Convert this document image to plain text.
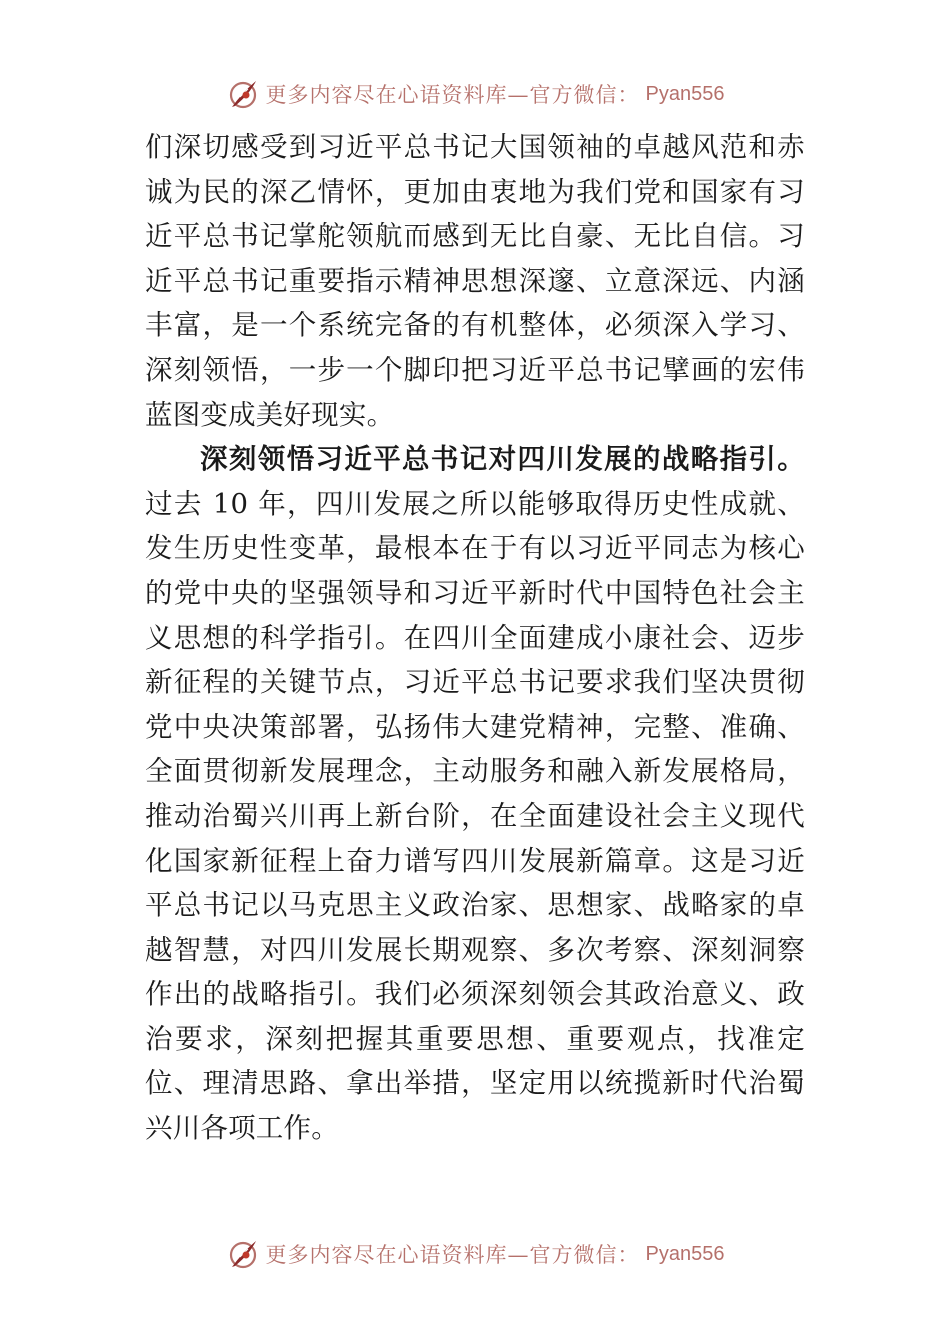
更多内容尽在心语资料库—官方微信： Pyan556

们深切感受到习近平总书记大国领袖的卓越风范和赤诚为民的深乙情怀，更加由衷地为我们党和国家有习近平总书记掌舵领航而感到无比自豪、无比自信。习近平总书记重要指示精神思想深邃、立意深远、内涵丰富，是一个系统完备的有机整体，必须深入学习、深刻领悟，一步一个脚印把习近平总书记擘画的宏伟蓝图变成美好现实。

深刻领悟习近平总书记对四川发展的战略指引。过去 10 年，四川发展之所以能够取得历史性成就、发生历史性变革，最根本在于有以习近平同志为核心的党中央的坚强领导和习近平新时代中国特色社会主义思想的科学指引。在四川全面建成小康社会、迈步新征程的关键节点，习近平总书记要求我们坚决贯彻党中央决策部署，弘扬伟大建党精神，完整、准确、全面贯彻新发展理念，主动服务和融入新发展格局，推动治蜀兴川再上新台阶，在全面建设社会主义现代化国家新征程上奋力谱写四川发展新篇章。这是习近平总书记以马克思主义政治家、思想家、战略家的卓越智慧，对四川发展长期观察、多次考察、深刻洞察作出的战略指引。我们必须深刻领会其政治意义、政治要求，深刻把握其重要思想、重要观点，找准定位、理清思路、拿出举措，坚定用以统揽新时代治蜀兴川各项工作。

更多内容尽在心语资料库—官方微信： Pyan556
